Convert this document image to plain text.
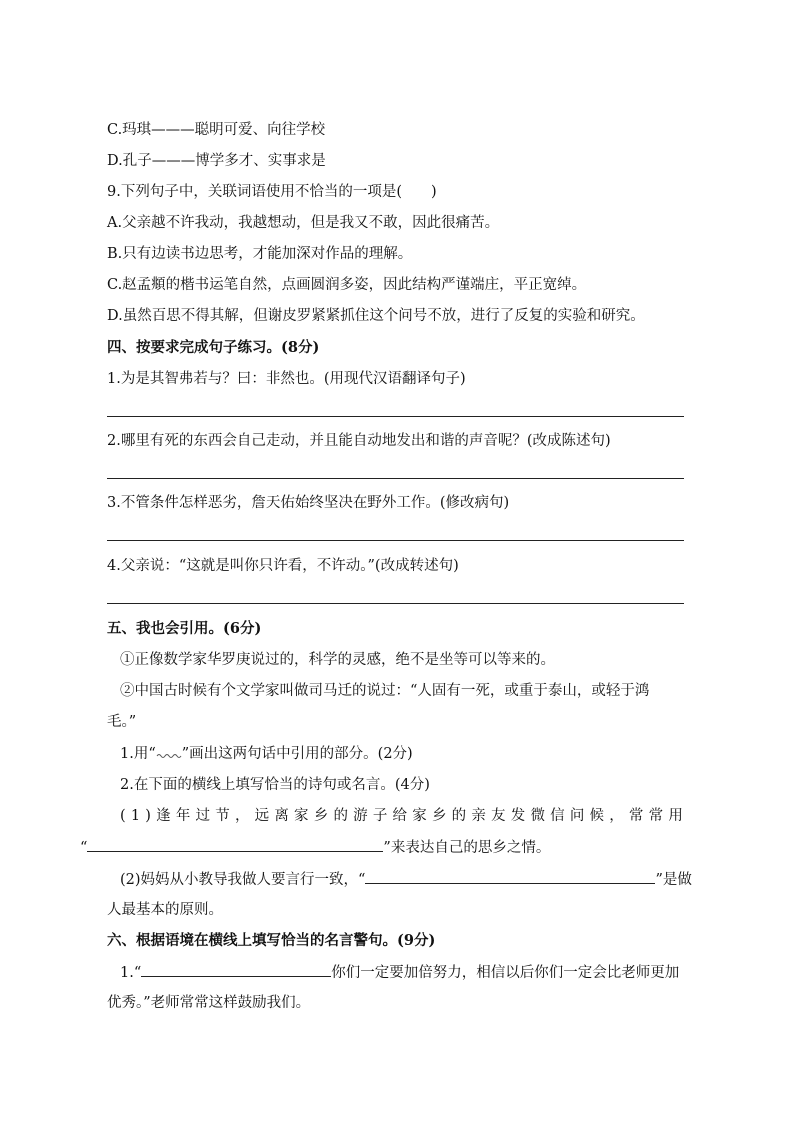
C.玛琪———聪明可爱、向往学校
D.孔子———博学多才、实事求是
9.下列句子中，关联词语使用不恰当的一项是(　　)
A.父亲越不许我动，我越想动，但是我又不敢，因此很痛苦。
B.只有边读书边思考，才能加深对作品的理解。
C.赵孟頫的楷书运笔自然，点画圆润多姿，因此结构严谨端庄，平正宽绰。
D.虽然百思不得其解，但谢皮罗紧紧抓住这个问号不放，进行了反复的实验和研究。
四、按要求完成句子练习。(8分)
1.为是其智弗若与？曰：非然也。(用现代汉语翻译句子)
2.哪里有死的东西会自己走动，并且能自动地发出和谐的声音呢？(改成陈述句)
3.不管条件怎样恶劣，詹天佑始终坚决在野外工作。(修改病句)
4.父亲说：“这就是叫你只许看，不许动。”(改成转述句)
五、我也会引用。(6分)
①正像数学家华罗庚说过的，科学的灵感，绝不是坐等可以等来的。
②中国古时候有个文学家叫做司马迁的说过：“人固有一死，或重于泰山，或轻于鸿
毛。”
1.用“ ”画出这两句话中引用的部分。(2分)
2.在下面的横线上填写恰当的诗句或名言。(4分)
(1)逢年过节，远离家乡的游子给家乡的亲友发微信问候，常常用
“	”来表达自己的思乡之情。
(2)妈妈从小教导我做人要言行一致，“	”是做
人最基本的原则。
六、根据语境在横线上填写恰当的名言警句。(9分)
1.“	你们一定要加倍努力，相信以后你们一定会比老师更加
优秀。”老师常常这样鼓励我们。
